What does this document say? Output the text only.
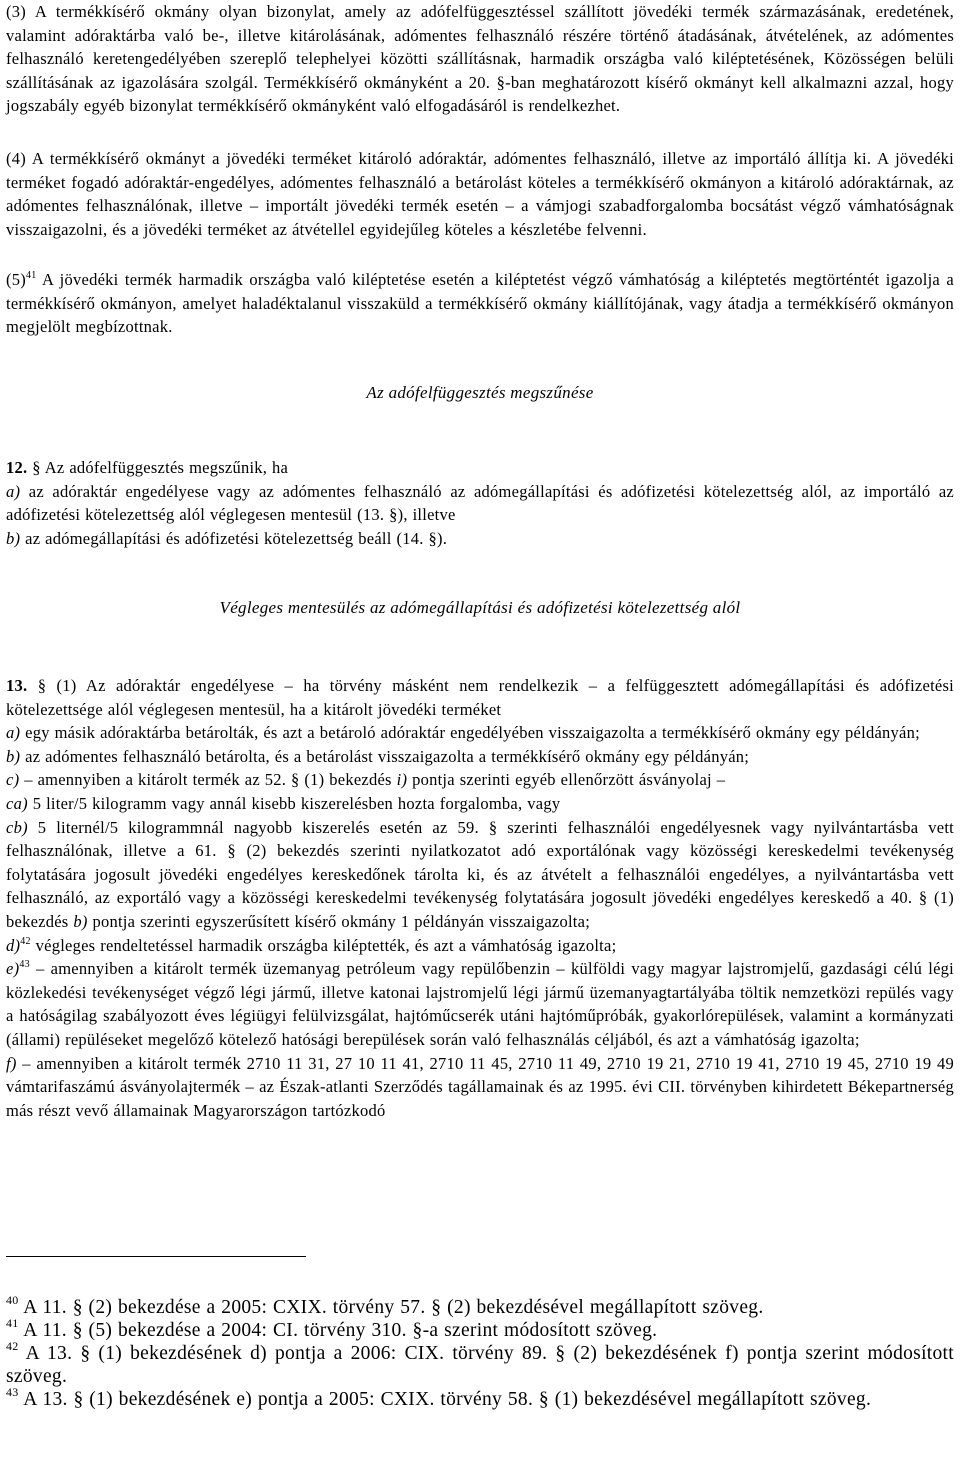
(3) A termékkísérő okmány olyan bizonylat, amely az adófelfüggesztéssel szállított jövedéki termék származásának, eredetének, valamint adóraktárba való be-, illetve kitárolásának, adómentes felhasználó részére történő átadásának, átvételének, az adómentes felhasználó keretengedélyében szereplő telephelyei közötti szállításnak, harmadik országba való kiléptetésének, Közösségen belüli szállításának az igazolására szolgál. Termékkísérő okmányként a 20. §-ban meghatározott kísérő okmányt kell alkalmazni azzal, hogy jogszabály egyéb bizonylat termékkísérő okmányként való elfogadásáról is rendelkezhet.

(4) A termékkísérő okmányt a jövedéki terméket kitároló adóraktár, adómentes felhasználó, illetve az importáló állítja ki. A jövedéki terméket fogadó adóraktár-engedélyes, adómentes felhasználó a betárolást köteles a termékkísérő okmányon a kitároló adóraktárnak, az adómentes felhasználónak, illetve – importált jövedéki termék esetén – a vámjogi szabadforgalomba bocsátást végző vámhatóságnak visszaigazolni, és a jövedéki terméket az átvétellel egyidejűleg köteles a készletébe felvenni.

$(5)^{41}$ A jövedéki termék harmadik országba való kiléptetése esetén a kiléptetést végző vámhatóság a kiléptetés megtörténtét igazolja a termékkísérő okmányon, amelyet haladéktalanul visszaküld a termékkísérő okmány kiállítójának, vagy átadja a termékkísérő okmányon megjelölt megbízottnak.

Az adófelfüggesztés megszűnése

12. § Az adófelfüggesztés megszűnik, ha

a) az adóraktár engedélyese vagy az adómentes felhasználó az adómegállapítási és adófizetési kötelezettség alól, az importáló az adófizetési kötelezettség alól véglegesen mentesül (13. §), illetve

b) az adómegállapítási és adófizetési kötelezettség beáll (14. §).

Végleges mentesülés az adómegállapítási és adófizetési kötelezettség alól

13. § (1) Az adóraktár engedélyese – ha törvény másként nem rendelkezik – a felfüggesztett adómegállapítási és adófizetési kötelezettsége alól véglegesen mentesül, ha a kitárolt jövedéki terméket

a) egy másik adóraktárba betárolták, és azt a betároló adóraktár engedélyében visszaigazolta a termékkísérő okmány egy példányán;

b) az adómentes felhasználó betárolta, és a betárolást visszaigazolta a termékkísérő okmány egy példányán;

c) – amennyiben a kitárolt termék az 52. § (1) bekezdés i) pontja szerinti egyéb ellenőrzött ásványolaj –

ca) 5 liter/5 kilogramm vagy annál kisebb kiszerelésben hozta forgalomba, vagy

cb) 5 liternél/5 kilogrammnál nagyobb kiszerelés esetén az 59. § szerinti felhasználói engedélyesnek vagy nyilvántartásba vett felhasználónak, illetve a 61. § (2) bekezdés szerinti nyilatkozatot adó exportálónak vagy közösségi kereskedelmi tevékenység folytatására jogosult jövedéki engedélyes kereskedőnek tárolta ki, és az átvételt a felhasználói engedélyes, a nyilvántartásba vett felhasználó, az exportáló vagy a közösségi kereskedelmi tevékenység folytatására jogosult jövedéki engedélyes kereskedő a 40. § (1) bekezdés b) pontja szerinti egyszerűsített kísérő okmány 1 példányán visszaigazolta;

d)$^{42}$ végleges rendeltetéssel harmadik országba kiléptették, és azt a vámhatóság igazolta;

e)$^{43}$ – amennyiben a kitárolt termék üzemanyag petróleum vagy repülőbenzin – külföldi vagy magyar lajstromjelű, gazdasági célú légi közlekedési tevékenységet végző légi jármű, illetve katonai lajstromjelű légi jármű üzemanyagtartályába töltik nemzetközi repülés vagy a hatóságilag szabályozott éves légiügyi felülvizsgálat, hajtóműcserék utáni hajtóműpróbák, gyakorlórepülések, valamint a kormányzati (állami) repüléseket megelőző kötelező hatósági berepülések során való felhasználás céljából, és azt a vámhatóság igazolta;

f) – amennyiben a kitárolt termék 2710 11 31, 27 10 11 41, 2710 11 45, 2710 11 49, 2710 19 21, 2710 19 41, 2710 19 45, 2710 19 49 vámtarifaszámú ásványolajtermék – az Észak-atlanti Szerződés tagállamainak és az 1995. évi CII. törvényben kihirdetett Békepartnerség más részt vevő államainak Magyarországon tartózkodó

$^{40}$ A 11. § (2) bekezdése a 2005: CXIX. törvény 57. § (2) bekezdésével megállapított szöveg.

$^{41}$ A 11. § (5) bekezdése a 2004: CI. törvény 310. §-a szerint módosított szöveg.

$^{42}$ A 13. § (1) bekezdésének d) pontja a 2006: CIX. törvény 89. § (2) bekezdésének f) pontja szerint módosított szöveg.

$^{43}$ A 13. § (1) bekezdésének e) pontja a 2005: CXIX. törvény 58. § (1) bekezdésével megállapított szöveg.
